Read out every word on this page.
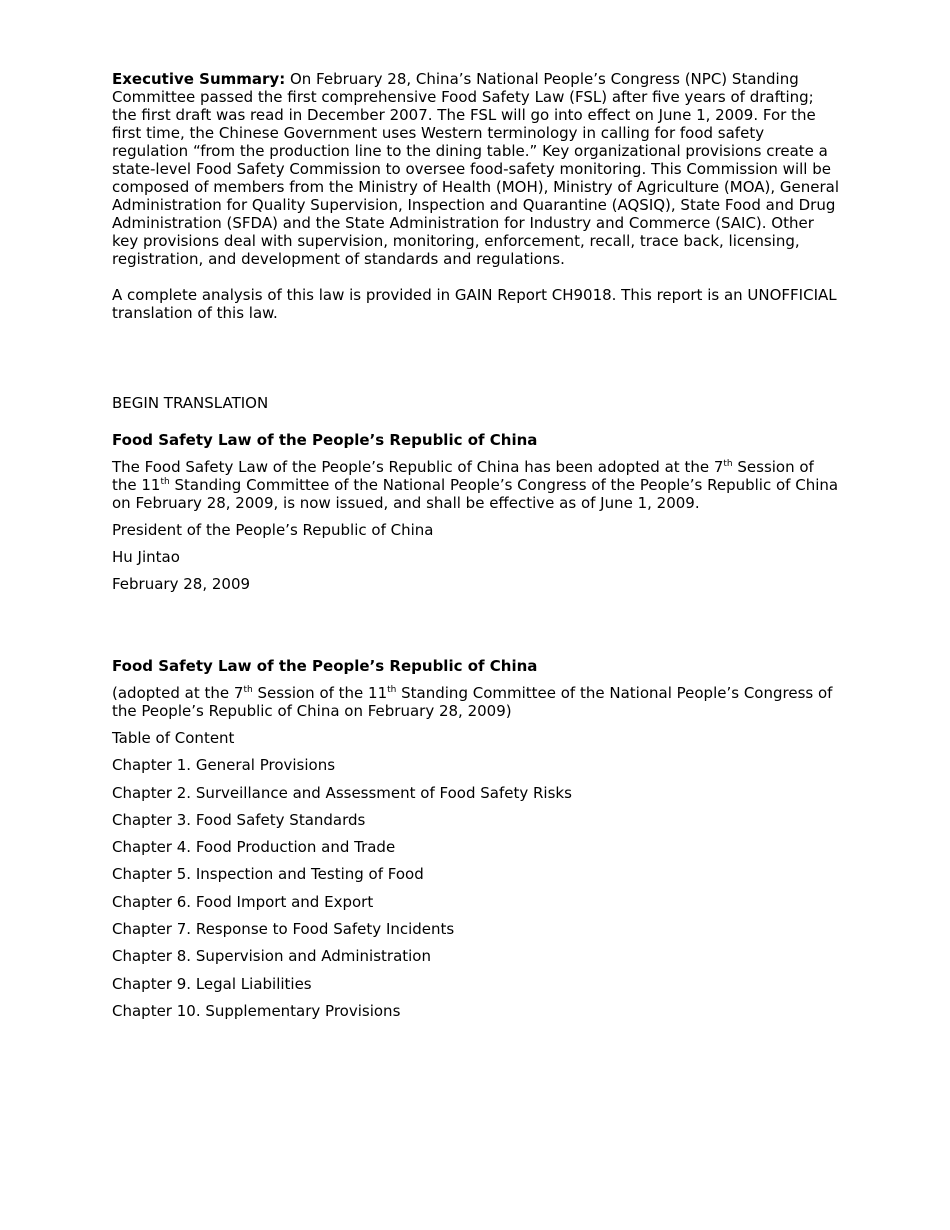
Executive Summary: On February 28, China’s National People’s Congress (NPC) Standing Committee passed the first comprehensive Food Safety Law (FSL) after five years of drafting; the first draft was read in December 2007. The FSL will go into effect on June 1, 2009. For the first time, the Chinese Government uses Western terminology in calling for food safety regulation “from the production line to the dining table.” Key organizational provisions create a state-level Food Safety Commission to oversee food-safety monitoring. This Commission will be composed of members from the Ministry of Health (MOH), Ministry of Agriculture (MOA), General Administration for Quality Supervision, Inspection and Quarantine (AQSIQ), State Food and Drug Administration (SFDA) and the State Administration for Industry and Commerce (SAIC). Other key provisions deal with supervision, monitoring, enforcement, recall, trace back, licensing, registration, and development of standards and regulations.

A complete analysis of this law is provided in GAIN Report CH9018. This report is an UNOFFICIAL translation of this law.

BEGIN TRANSLATION

Food Safety Law of the People’s Republic of China

The Food Safety Law of the People’s Republic of China has been adopted at the 7th Session of the 11th Standing Committee of the National People’s Congress of the People’s Republic of China on February 28, 2009, is now issued, and shall be effective as of June 1, 2009.

President of the People’s Republic of China

Hu Jintao

February 28, 2009

Food Safety Law of the People’s Republic of China

(adopted at the 7th Session of the 11th Standing Committee of the National People’s Congress of the People’s Republic of China on February 28, 2009)

Table of Content

Chapter 1. General Provisions

Chapter 2. Surveillance and Assessment of Food Safety Risks

Chapter 3. Food Safety Standards

Chapter 4. Food Production and Trade

Chapter 5. Inspection and Testing of Food

Chapter 6. Food Import and Export

Chapter 7. Response to Food Safety Incidents

Chapter 8. Supervision and Administration

Chapter 9. Legal Liabilities

Chapter 10. Supplementary Provisions
